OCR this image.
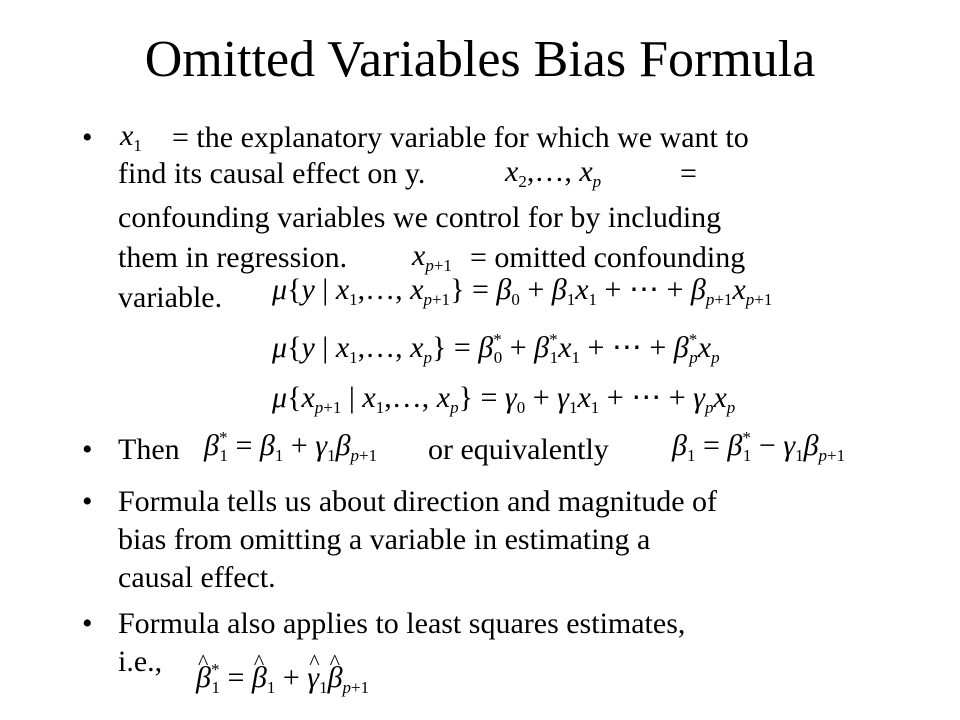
Omitted Variables Bias Formula
• $x_1$ = the explanatory variable for which we want to
find its causal effect on y.	$x_2,\dots$, $x_p$	=
confounding variables we control for by including
them in regression. $x_{p+1}$ = omitted confounding
variable. μ{y | $x_1,\dots$, $x_{p+1}\} = \beta_0 + \beta_1x_1$ + ⋯ + $\beta_{p+1}x_{p+1}$
μ{y | $x_1,\dots$, $x_p\} = \beta^*_0 + \beta^*_1x_1$ + ⋯ + $\beta^*_px_p$
$\mu\{x_{p+1}$ | $x_1,\dots$, $x_p\} = \gamma_0 + \gamma_1x_1$ + ⋯ + $\gamma_px_p$
• Then $\beta^*_1 = \beta_1 + \gamma_1\beta_{p+1}$ or equivalently $\beta_1 = \beta^*_1 - \gamma_1\beta_{p+1}$
• Formula tells us about direction and magnitude of
bias from omitting a variable in estimating a
causal effect.
• Formula also applies to least squares estimates,
i.e.,
^ $\beta^*_1$ = ^ $\beta_1$ + ^ $\gamma_1\^{}$ $\beta_{p+1}$
